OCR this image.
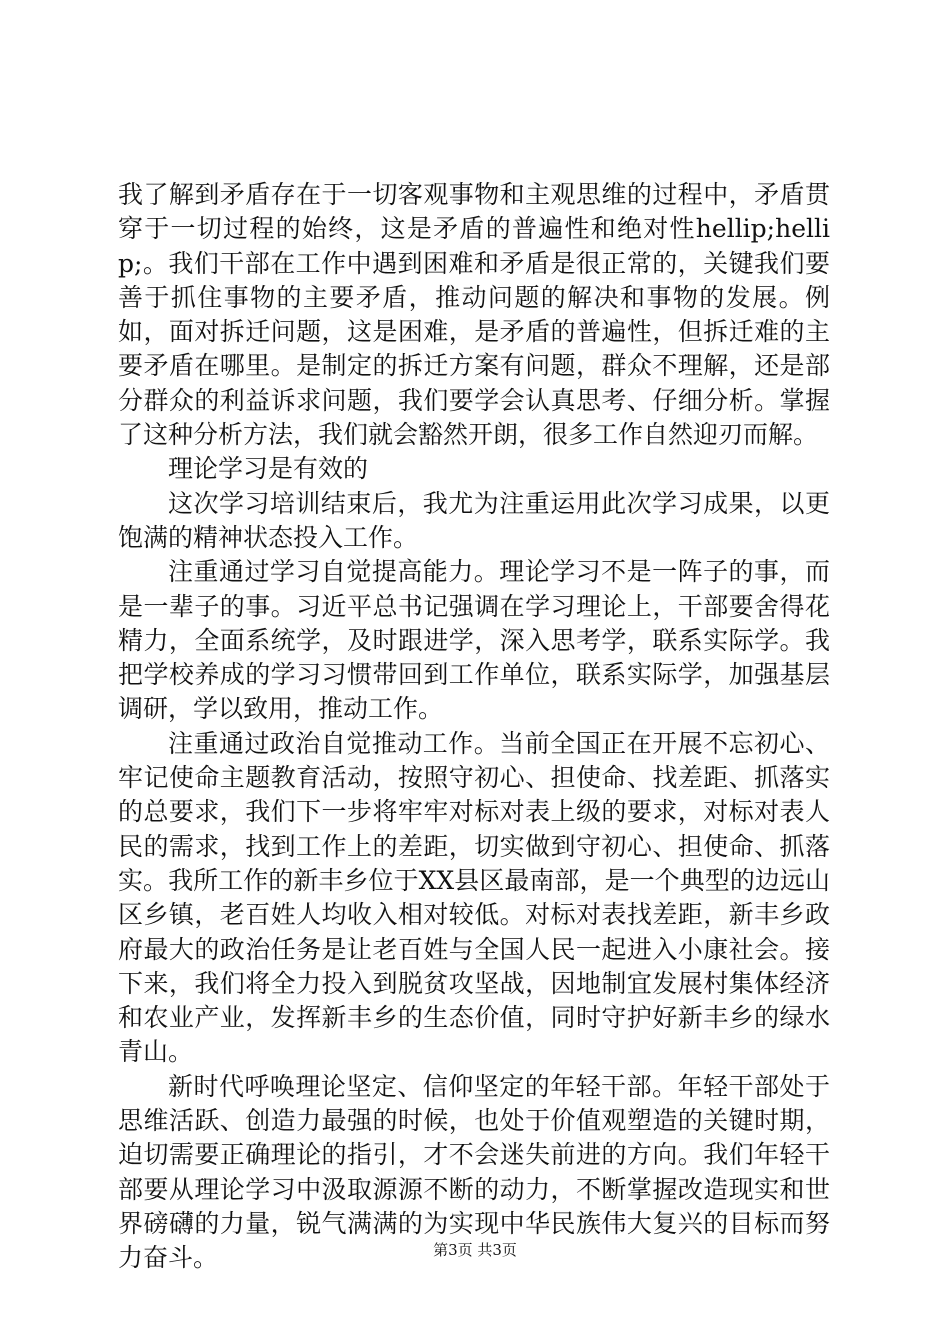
我了解到矛盾存在于一切客观事物和主观思维的过程中，矛盾贯穿于一切过程的始终，这是矛盾的普遍性和绝对性hellip;hellip;。我们干部在工作中遇到困难和矛盾是很正常的，关键我们要善于抓住事物的主要矛盾，推动问题的解决和事物的发展。例如，面对拆迁问题，这是困难，是矛盾的普遍性，但拆迁难的主要矛盾在哪里。是制定的拆迁方案有问题，群众不理解，还是部分群众的利益诉求问题，我们要学会认真思考、仔细分析。掌握了这种分析方法，我们就会豁然开朗，很多工作自然迎刃而解。

理论学习是有效的

这次学习培训结束后，我尤为注重运用此次学习成果，以更饱满的精神状态投入工作。

注重通过学习自觉提高能力。理论学习不是一阵子的事，而是一辈子的事。习近平总书记强调在学习理论上，干部要舍得花精力，全面系统学，及时跟进学，深入思考学，联系实际学。我把学校养成的学习习惯带回到工作单位，联系实际学，加强基层调研，学以致用，推动工作。

注重通过政治自觉推动工作。当前全国正在开展不忘初心、牢记使命主题教育活动，按照守初心、担使命、找差距、抓落实的总要求，我们下一步将牢牢对标对表上级的要求，对标对表人民的需求，找到工作上的差距，切实做到守初心、担使命、抓落实。我所工作的新丰乡位于XX县区最南部，是一个典型的边远山区乡镇，老百姓人均收入相对较低。对标对表找差距，新丰乡政府最大的政治任务是让老百姓与全国人民一起进入小康社会。接下来，我们将全力投入到脱贫攻坚战，因地制宜发展村集体经济和农业产业，发挥新丰乡的生态价值，同时守护好新丰乡的绿水青山。

新时代呼唤理论坚定、信仰坚定的年轻干部。年轻干部处于思维活跃、创造力最强的时候，也处于价值观塑造的关键时期，迫切需要正确理论的指引，才不会迷失前进的方向。我们年轻干部要从理论学习中汲取源源不断的动力，不断掌握改造现实和世界磅礴的力量，锐气满满的为实现中华民族伟大复兴的目标而努力奋斗。	第3页 共3页
